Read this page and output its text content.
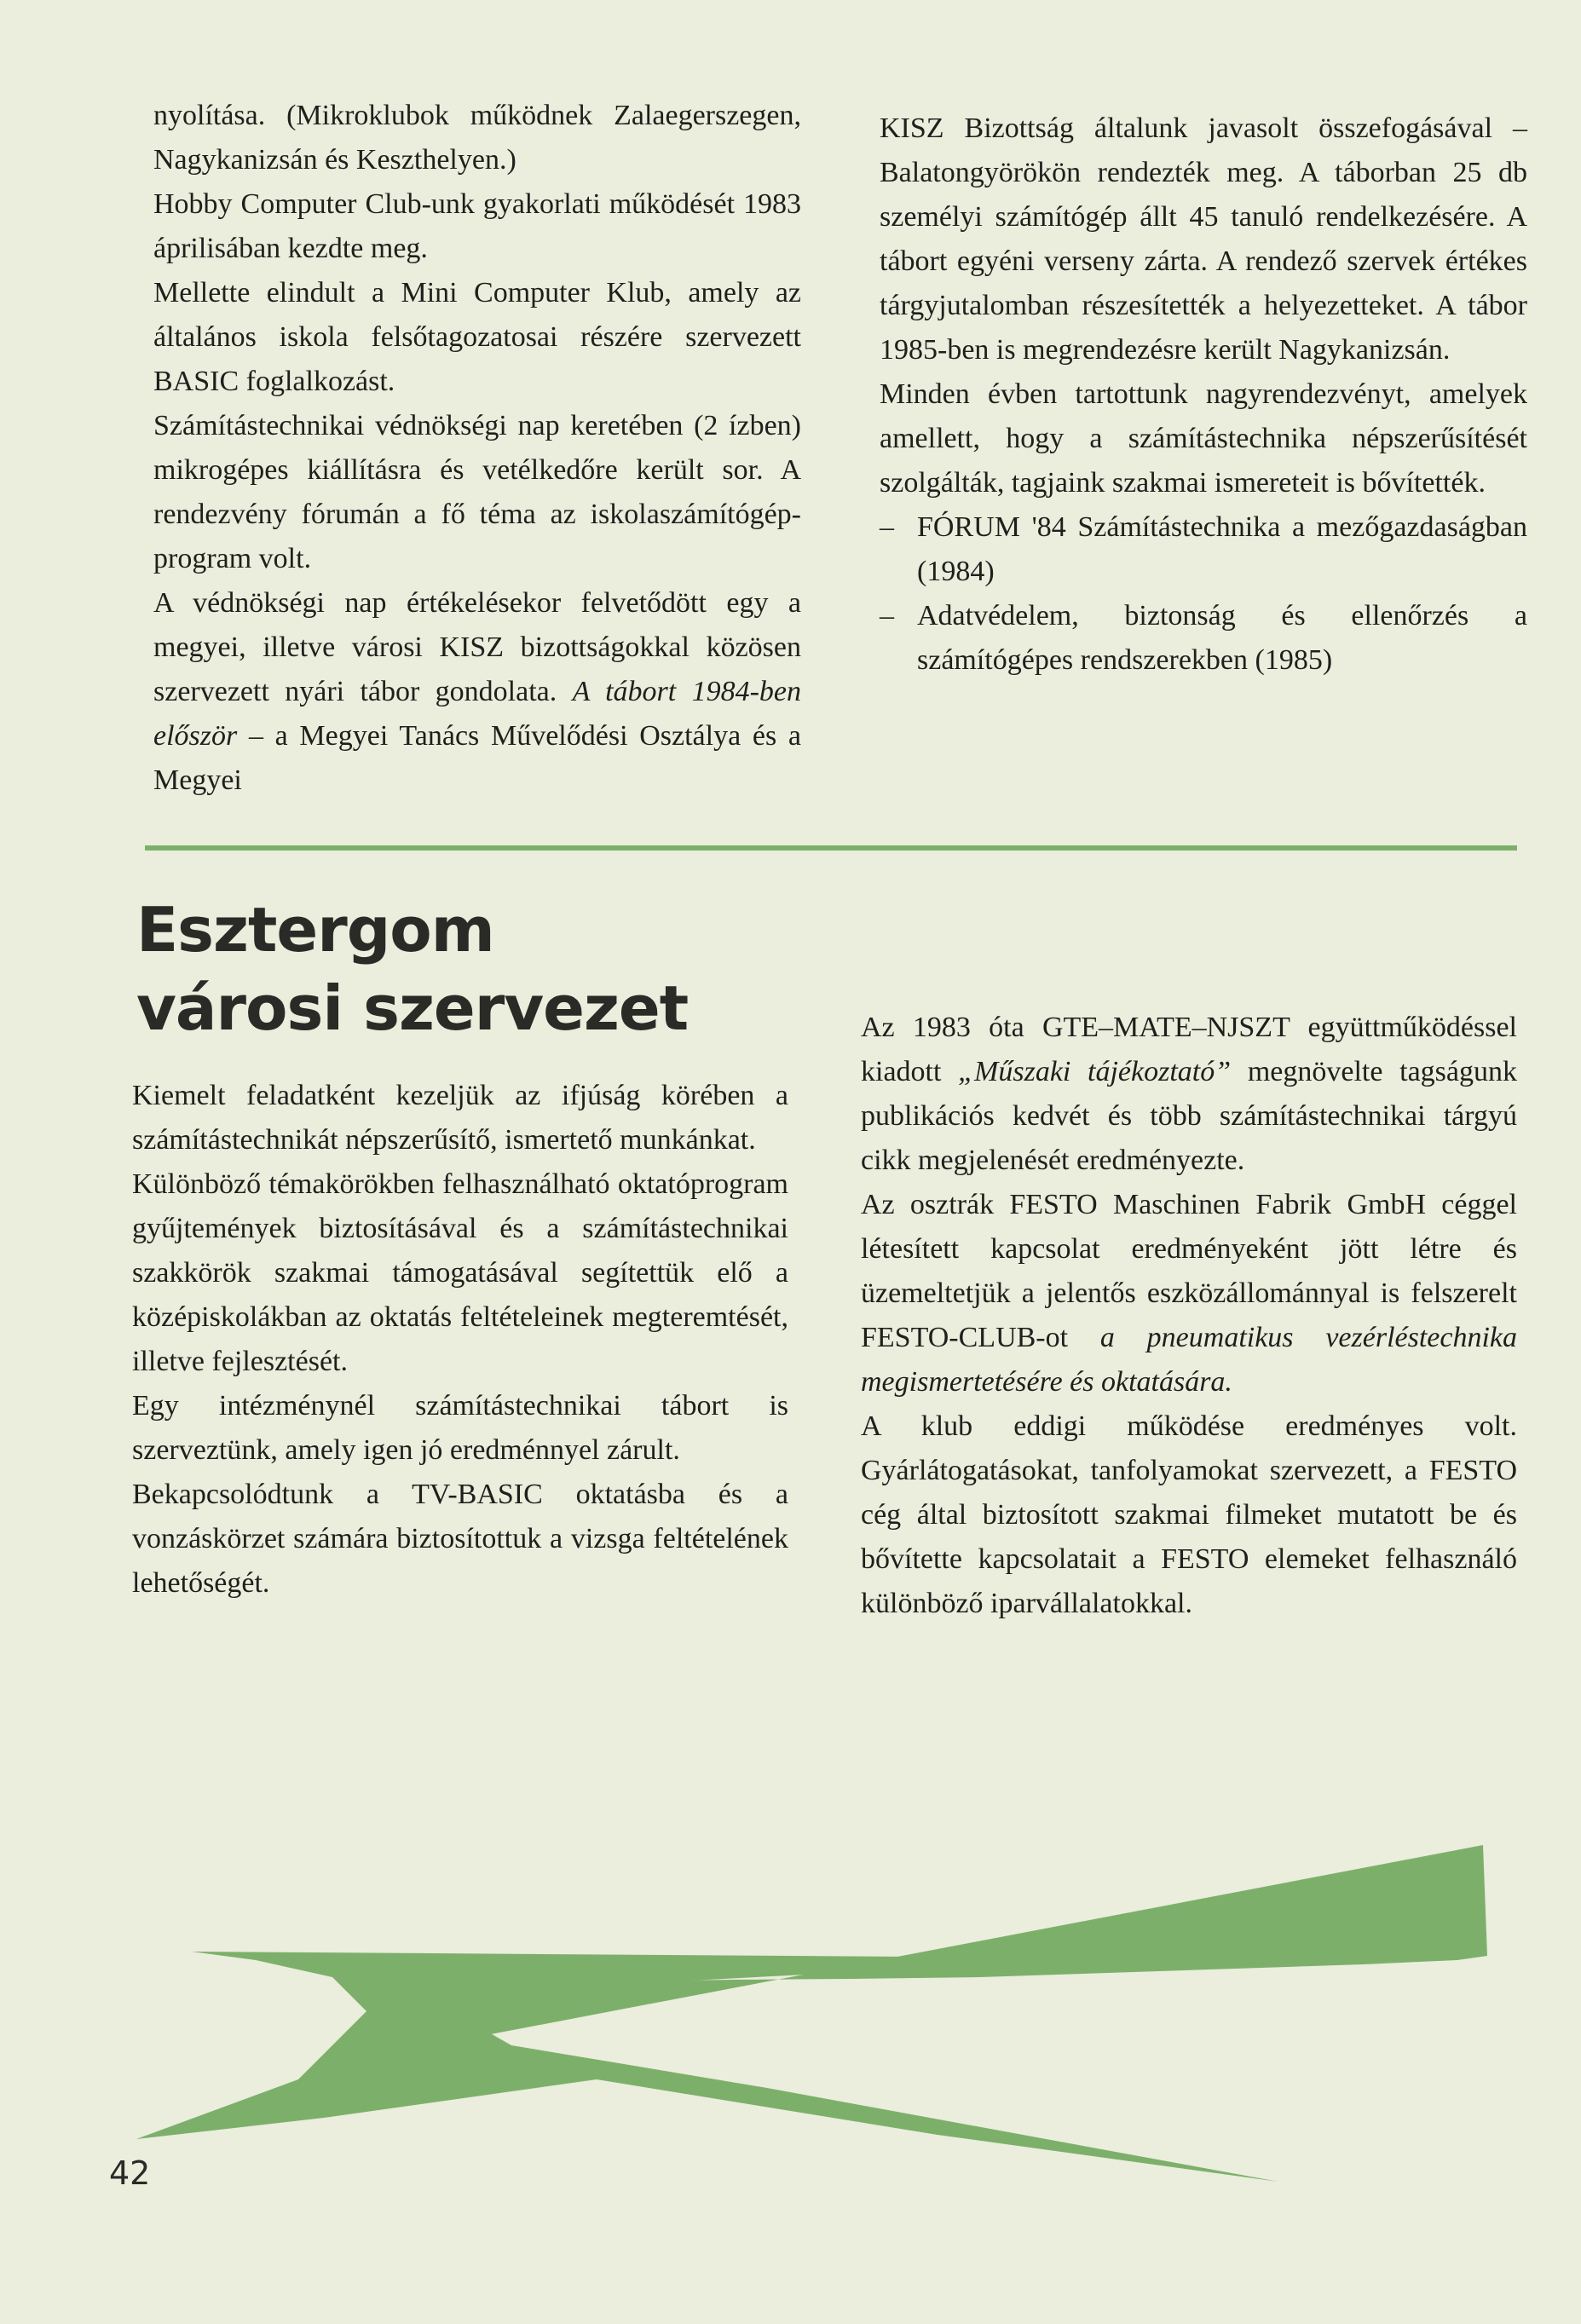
nyolítása. (Mikroklubok működnek Zalaegerszegen, Nagykanizsán és Keszthelyen.)

Hobby Computer Club-unk gyakorlati működését 1983 áprilisában kezdte meg.

Mellette elindult a Mini Computer Klub, amely az általános iskola felsőtagozatosai részére szervezett BASIC foglalkozást.

Számítástechnikai védnökségi nap keretében (2 ízben) mikrogépes kiállításra és vetélkedőre került sor. A rendezvény fórumán a fő téma az iskolaszámítógép-program volt.

A védnökségi nap értékelésekor felvetődött egy a megyei, illetve városi KISZ bizottságokkal közösen szervezett nyári tábor gondolata. A tábort 1984-ben először – a Megyei Tanács Művelődési Osztálya és a Megyei

KISZ Bizottság általunk javasolt összefogásával – Balatongyörökön rendezték meg. A táborban 25 db személyi számítógép állt 45 tanuló rendelkezésére. A tábort egyéni verseny zárta. A rendező szervek értékes tárgyjutalomban részesítették a helyezetteket. A tábor 1985-ben is megrendezésre került Nagykanizsán.

Minden évben tartottunk nagyrendezvényt, amelyek amellett, hogy a számítástechnika népszerűsítését szolgálták, tagjaink szakmai ismereteit is bővítették.

– FÓRUM '84 Számítástechnika a mezőgazdaságban (1984)
– Adatvédelem, biztonság és ellenőrzés a számítógépes rendszerekben (1985)
Esztergom
városi szervezet

Kiemelt feladatként kezeljük az ifjúság körében a számítástechnikát népszerűsítő, ismertető munkánkat.

Különböző témakörökben felhasználható oktatóprogram gyűjtemények biztosításával és a számítástechnikai szakkörök szakmai támogatásával segítettük elő a középiskolákban az oktatás feltételeinek megteremtését, illetve fejlesztését.

Egy intézménynél számítástechnikai tábort is szerveztünk, amely igen jó eredménnyel zárult.

Bekapcsolódtunk a TV-BASIC oktatásba és a vonzáskörzet számára biztosítottuk a vizsga feltételének lehetőségét.

Az 1983 óta GTE–MATE–NJSZT együttműködéssel kiadott „Műszaki tájékoztató” megnövelte tagságunk publikációs kedvét és több számítástechnikai tárgyú cikk megjelenését eredményezte.

Az osztrák FESTO Maschinen Fabrik GmbH céggel létesített kapcsolat eredményeként jött létre és üzemeltetjük a jelentős eszközállománnyal is felszerelt FESTO-CLUB-ot a pneumatikus vezérléstechnika megismertetésére és oktatására.

A klub eddigi működése eredményes volt. Gyárlátogatásokat, tanfolyamokat szervezett, a FESTO cég által biztosított szakmai filmeket mutatott be és bővítette kapcsolatait a FESTO elemeket felhasználó különböző iparvállalatokkal.

42
